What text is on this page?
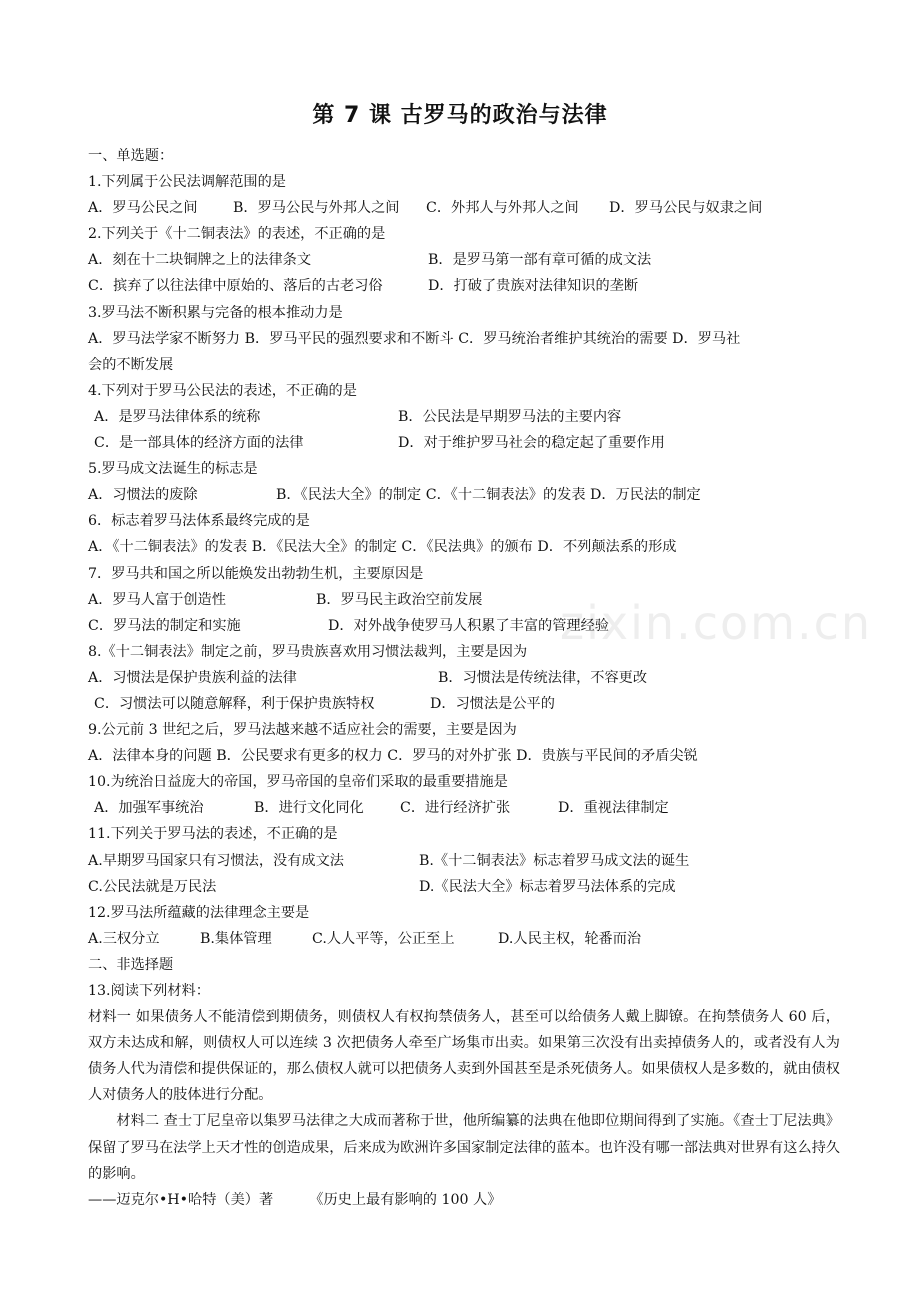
zixin.com.cn
第 7 课 古罗马的政治与法律
一、单选题：
1.下列属于公民法调解范围的是
A．罗马公民之间	B．罗马公民与外邦人之间	C．外邦人与外邦人之间	D．罗马公民与奴隶之间
2.下列关于《十二铜表法》的表述，不正确的是
A．刻在十二块铜牌之上的法律条文	B．是罗马第一部有章可循的成文法
C．摈弃了以往法律中原始的、落后的古老习俗	D．打破了贵族对法律知识的垄断
3.罗马法不断积累与完备的根本推动力是
A．罗马法学家不断努力 B．罗马平民的强烈要求和不断斗 C．罗马统治者维护其统治的需要 D．罗马社
会的不断发展
4.下列对于罗马公民法的表述，不正确的是
A．是罗马法律体系的统称	B．公民法是早期罗马法的主要内容
C．是一部具体的经济方面的法律	D．对于维护罗马社会的稳定起了重要作用
5.罗马成文法诞生的标志是
A．习惯法的废除	B．《民法大全》的制定 C．《十二铜表法》的发表 D．万民法的制定
6．标志着罗马法体系最终完成的是
A．《十二铜表法》的发表 B．《民法大全》的制定 C．《民法典》的颁布 D．不列颠法系的形成
7．罗马共和国之所以能焕发出勃勃生机，主要原因是
A．罗马人富于创造性	B．罗马民主政治空前发展
C．罗马法的制定和实施	D．对外战争使罗马人积累了丰富的管理经验
8.《十二铜表法》制定之前，罗马贵族喜欢用习惯法裁判，主要是因为
A．习惯法是保护贵族利益的法律	B．习惯法是传统法律，不容更改
C．习惯法可以随意解释，利于保护贵族特权	D．习惯法是公平的
9.公元前 3 世纪之后，罗马法越来越不适应社会的需要，主要是因为
A．法律本身的问题 B．公民要求有更多的权力 C．罗马的对外扩张 D．贵族与平民间的矛盾尖锐
10.为统治日益庞大的帝国，罗马帝国的皇帝们采取的最重要措施是
A．加强军事统治	B．进行文化同化	C．进行经济扩张	D．重视法律制定
11.下列关于罗马法的表述，不正确的是
A.早期罗马国家只有习惯法，没有成文法	B.《十二铜表法》标志着罗马成文法的诞生
C.公民法就是万民法	D.《民法大全》标志着罗马法体系的完成
12.罗马法所蕴藏的法律理念主要是
A.三权分立	B.集体管理	C.人人平等，公正至上	D.人民主权，轮番而治
二、非选择题
13.阅读下列材料：
材料一 如果债务人不能清偿到期债务，则债权人有权拘禁债务人，甚至可以给债务人戴上脚镣。在拘禁债务人 60 后，双方未达成和解，则债权人可以连续 3 次把债务人牵至广场集市出卖。如果第三次没有出卖掉债务人的，或者没有人为债务人代为清偿和提供保证的，那么债权人就可以把债务人卖到外国甚至是杀死债务人。如果债权人是多数的，就由债权人对债务人的肢体进行分配。
材料二 查士丁尼皇帝以集罗马法律之大成而著称于世，他所编纂的法典在他即位期间得到了实施。《查士丁尼法典》保留了罗马在法学上天才性的创造成果，后来成为欧洲许多国家制定法律的蓝本。也许没有哪一部法典对世界有这么持久的影响。
——迈克尔•H•哈特（美）著        《历史上最有影响的 100 人》
